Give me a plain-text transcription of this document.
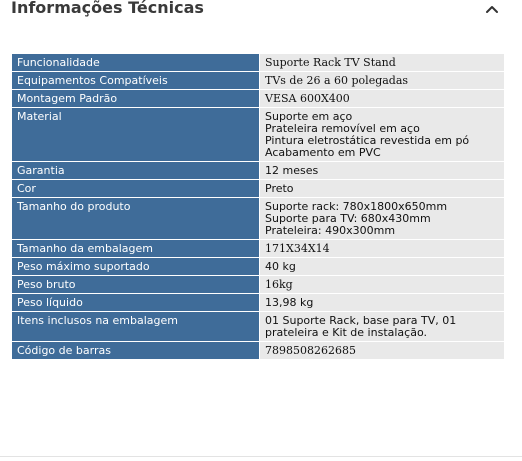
Informações Técnicas
Funcionalidade	Suporte Rack TV Stand

Equipamentos Compatíveis	TVs de 26 a 60 polegadas

Montagem Padrão	VESA 600X400

Material	Suporte em aço
Prateleira removível em aço
Pintura eletrostática revestida em pó
Acabamento em PVC

Garantia	12 meses

Cor	Preto

Tamanho do produto	Suporte rack: 780x1800x650mm
Suporte para TV: 680x430mm
Prateleira: 490x300mm

Tamanho da embalagem	171X34X14

Peso máximo suportado	40 kg

Peso bruto	16kg

Peso líquido	13,98 kg

Itens inclusos na embalagem	01 Suporte Rack, base para TV, 01
prateleira e Kit de instalação.

Código de barras	7898508262685
